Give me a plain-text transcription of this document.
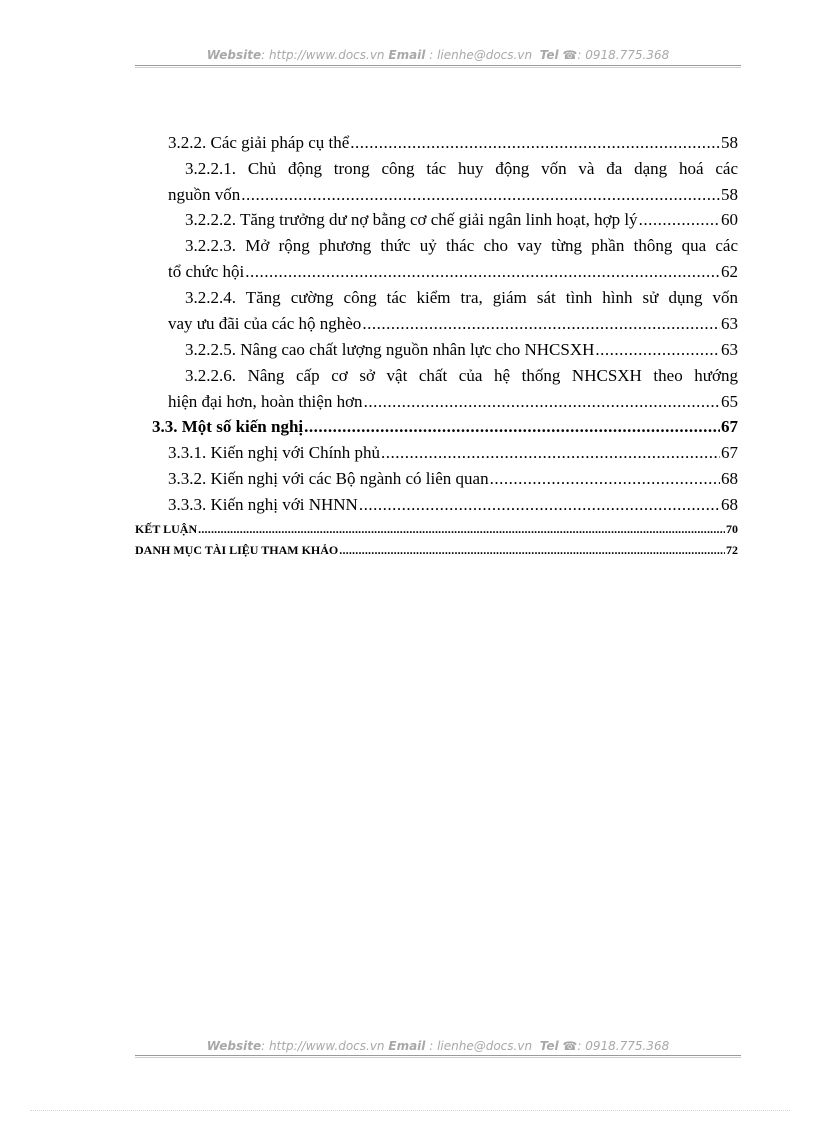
Website: http://www.docs.vn Email : lienhe@docs.vn Tel ☎: 0918.775.368
3.2.2. Các giải pháp cụ thể .....	58
3.2.2.1. Chủ động trong công tác huy động vốn và đa dạng hoá các
nguồn vốn .....	58
3.2.2.2. Tăng trưởng dư nợ bằng cơ chế giải ngân linh hoạt, hợp lý .....	60
3.2.2.3. Mở rộng phương thức uỷ thác cho vay từng phần thông qua các
tổ chức hội .....	62
3.2.2.4. Tăng cường công tác kiểm tra, giám sát tình hình sử dụng vốn
vay ưu đãi của các hộ nghèo .....	63
3.2.2.5. Nâng cao chất lượng nguồn nhân lực cho NHCSXH .....	63
3.2.2.6. Nâng cấp cơ sở vật chất của hệ thống NHCSXH theo hướng
hiện đại hơn, hoàn thiện hơn .....	65
3.3. Một số kiến nghị .....	67
3.3.1. Kiến nghị với Chính phủ .....	67
3.3.2. Kiến nghị với các Bộ ngành có liên quan .....	68
3.3.3. Kiến nghị với NHNN .....	68
KẾT LUẬN .....	70
DANH MỤC TÀI LIỆU THAM KHẢO .....	72
Website: http://www.docs.vn Email : lienhe@docs.vn Tel ☎: 0918.775.368
